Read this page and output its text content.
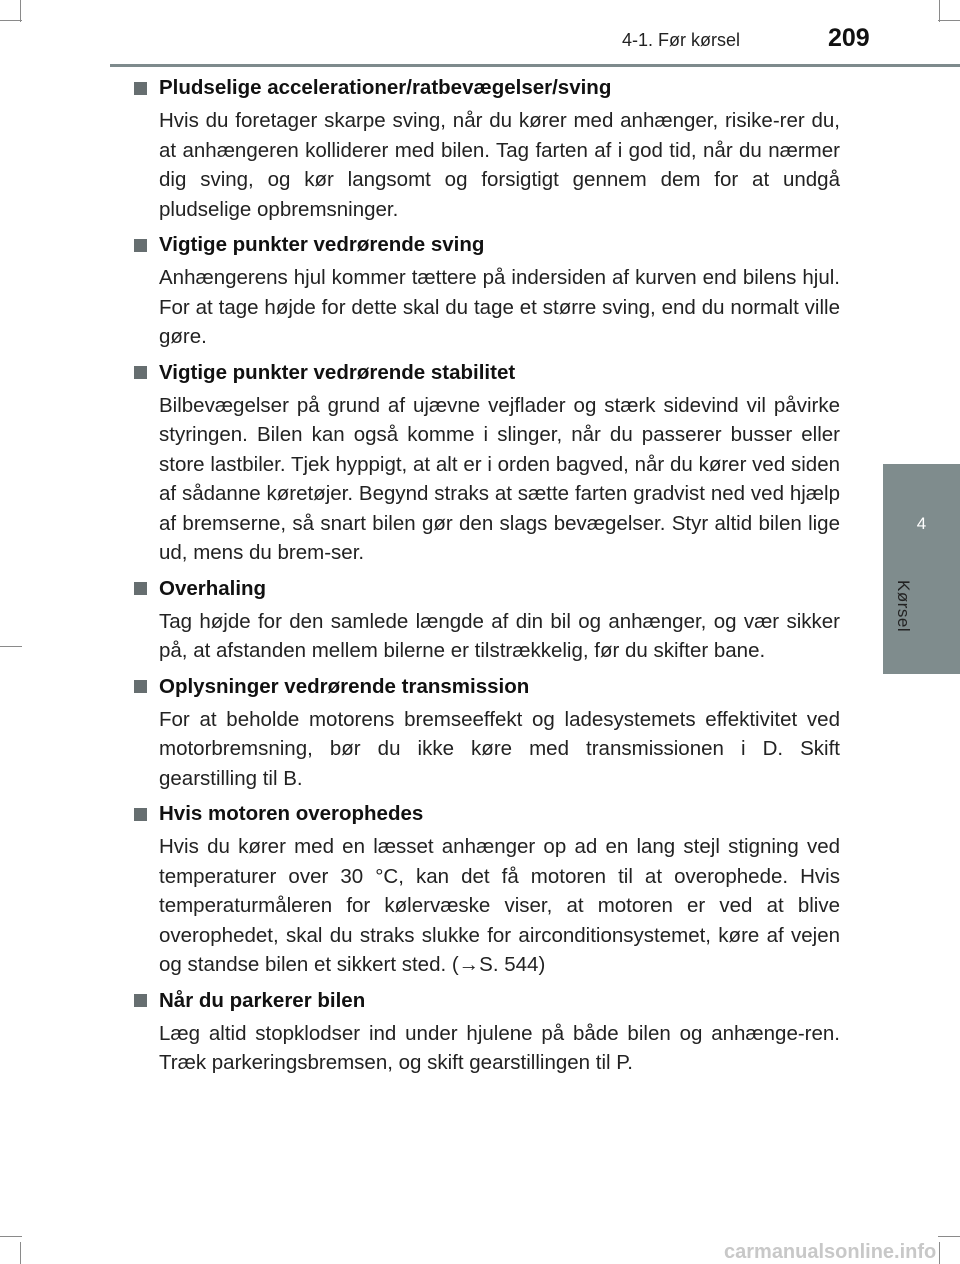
4-1. Før kørsel	209
4
Kørsel
Pludselige accelerationer/ratbevægelser/sving
Hvis du foretager skarpe sving, når du kører med anhænger, risike-rer du, at anhængeren kolliderer med bilen. Tag farten af i god tid, når du nærmer dig sving, og kør langsomt og forsigtigt gennem dem for at undgå pludselige opbremsninger.
Vigtige punkter vedrørende sving
Anhængerens hjul kommer tættere på indersiden af kurven end bilens hjul. For at tage højde for dette skal du tage et større sving, end du normalt ville gøre.
Vigtige punkter vedrørende stabilitet
Bilbevægelser på grund af ujævne vejflader og stærk sidevind vil påvirke styringen. Bilen kan også komme i slinger, når du passerer busser eller store lastbiler. Tjek hyppigt, at alt er i orden bagved, når du kører ved siden af sådanne køretøjer. Begynd straks at sætte farten gradvist ned ved hjælp af bremserne, så snart bilen gør den slags bevægelser. Styr altid bilen lige ud, mens du brem-ser.
Overhaling
Tag højde for den samlede længde af din bil og anhænger, og vær sikker på, at afstanden mellem bilerne er tilstrækkelig, før du skifter bane.
Oplysninger vedrørende transmission
For at beholde motorens bremseeffekt og ladesystemets effektivitet ved motorbremsning, bør du ikke køre med transmissionen i D. Skift gearstilling til B.
Hvis motoren overophedes
Hvis du kører med en læsset anhænger op ad en lang stejl stigning ved temperaturer over 30 °C, kan det få motoren til at overophede. Hvis temperaturmåleren for kølervæske viser, at motoren er ved at blive overophedet, skal du straks slukke for airconditionsystemet, køre af vejen og standse bilen et sikkert sted. (→S. 544)
Når du parkerer bilen
Læg altid stopklodser ind under hjulene på både bilen og anhænge-ren. Træk parkeringsbremsen, og skift gearstillingen til P.
carmanualsonline.info
